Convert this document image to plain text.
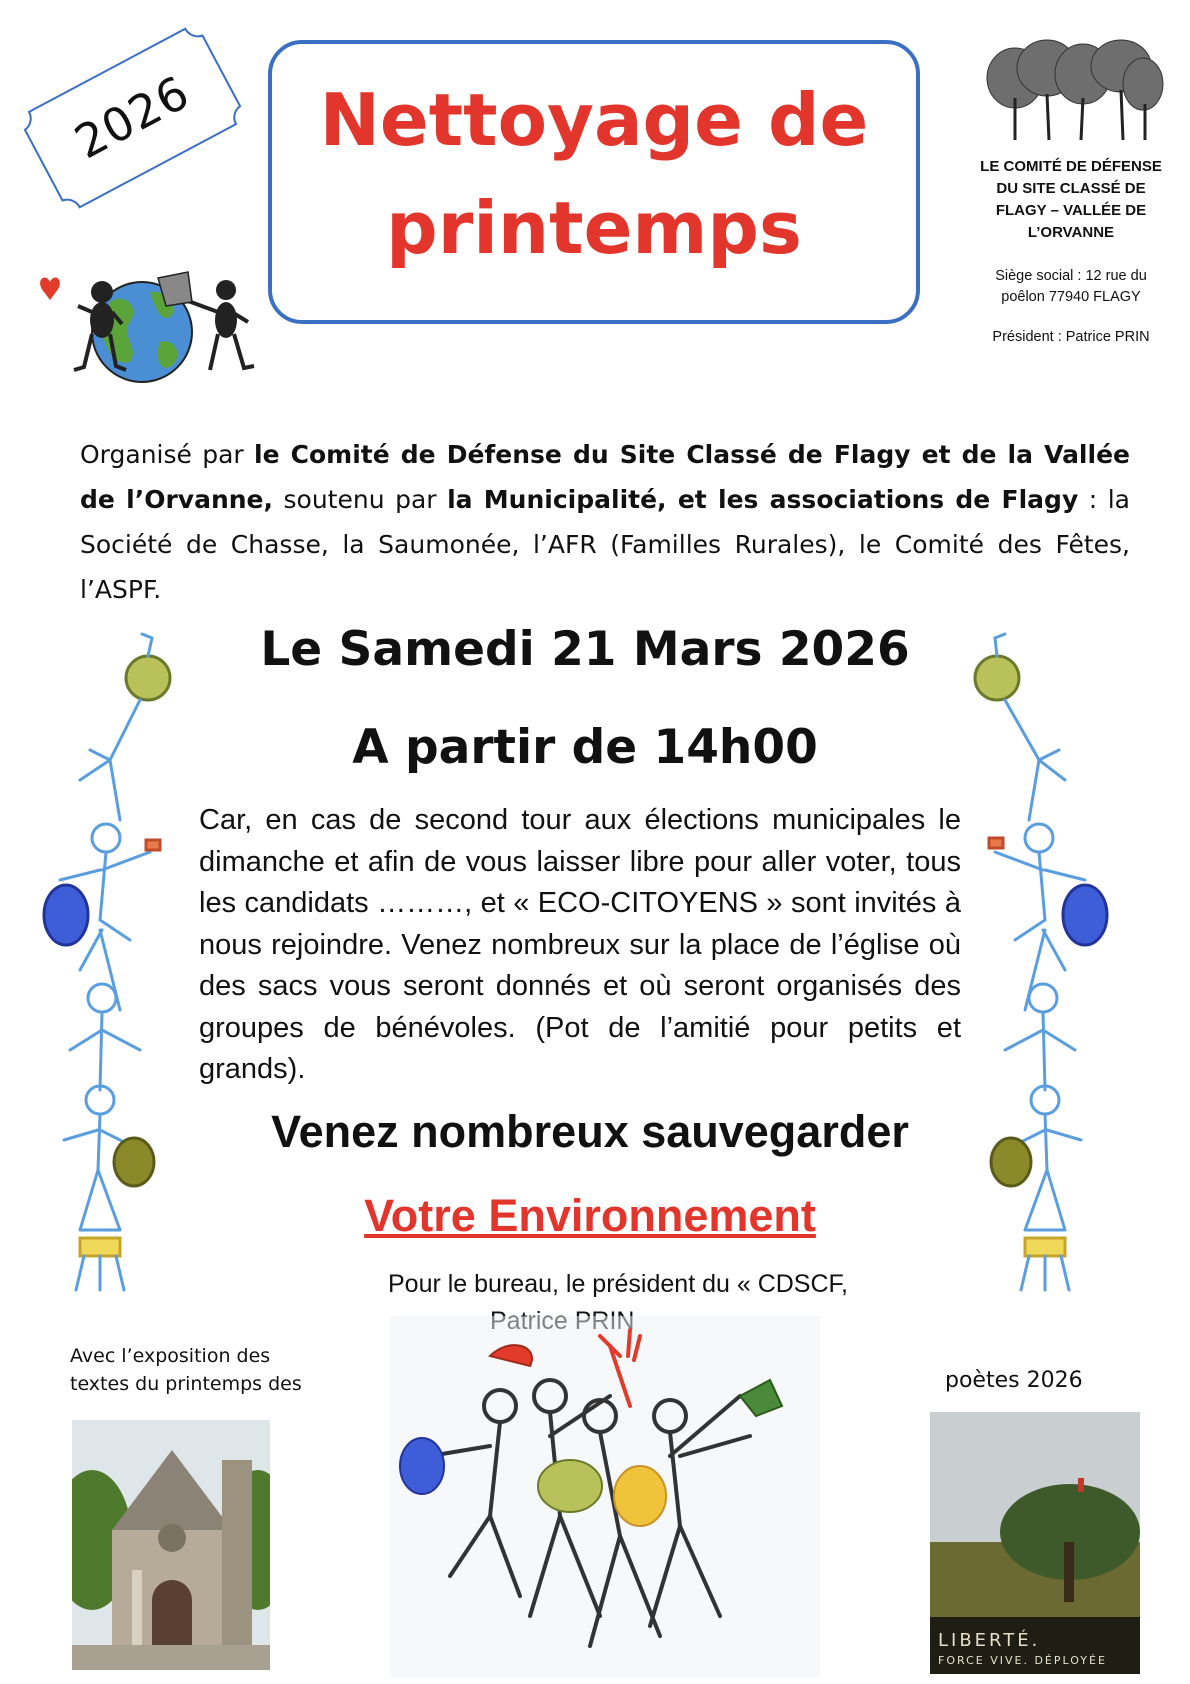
2026	Nettoyage de
printemps
LE COMITÉ DE DÉFENSE
DU SITE CLASSÉ DE
FLAGY – VALLÉE DE
L’ORVANNE
Siège social : 12 rue du
poêlon 77940 FLAGY
Président : Patrice PRIN
Organisé par le Comité de Défense du Site Classé de Flagy et de la Vallée de l’Orvanne, soutenu par la Municipalité, et les associations de Flagy : la Société de Chasse, la Saumonée, l’AFR (Familles Rurales), le Comité des Fêtes, l’ASPF.
Le Samedi 21 Mars 2026
A partir de 14h00
Car, en cas de second tour aux élections municipales le dimanche et afin de vous laisser libre pour aller voter, tous les candidats ………, et « ECO-CITOYENS » sont invités à nous rejoindre. Venez nombreux sur la place de l’église où des sacs vous seront donnés et où seront organisés des groupes de bénévoles. (Pot de l’amitié pour petits et grands).
Venez nombreux sauvegarder
Votre Environnement
Pour le bureau, le président du « CDSCF,
Avec l’exposition des
textes du printemps des	poètes 2026
LIBERTÉ.
FORCE VIVE. DÉPLOYÉE
